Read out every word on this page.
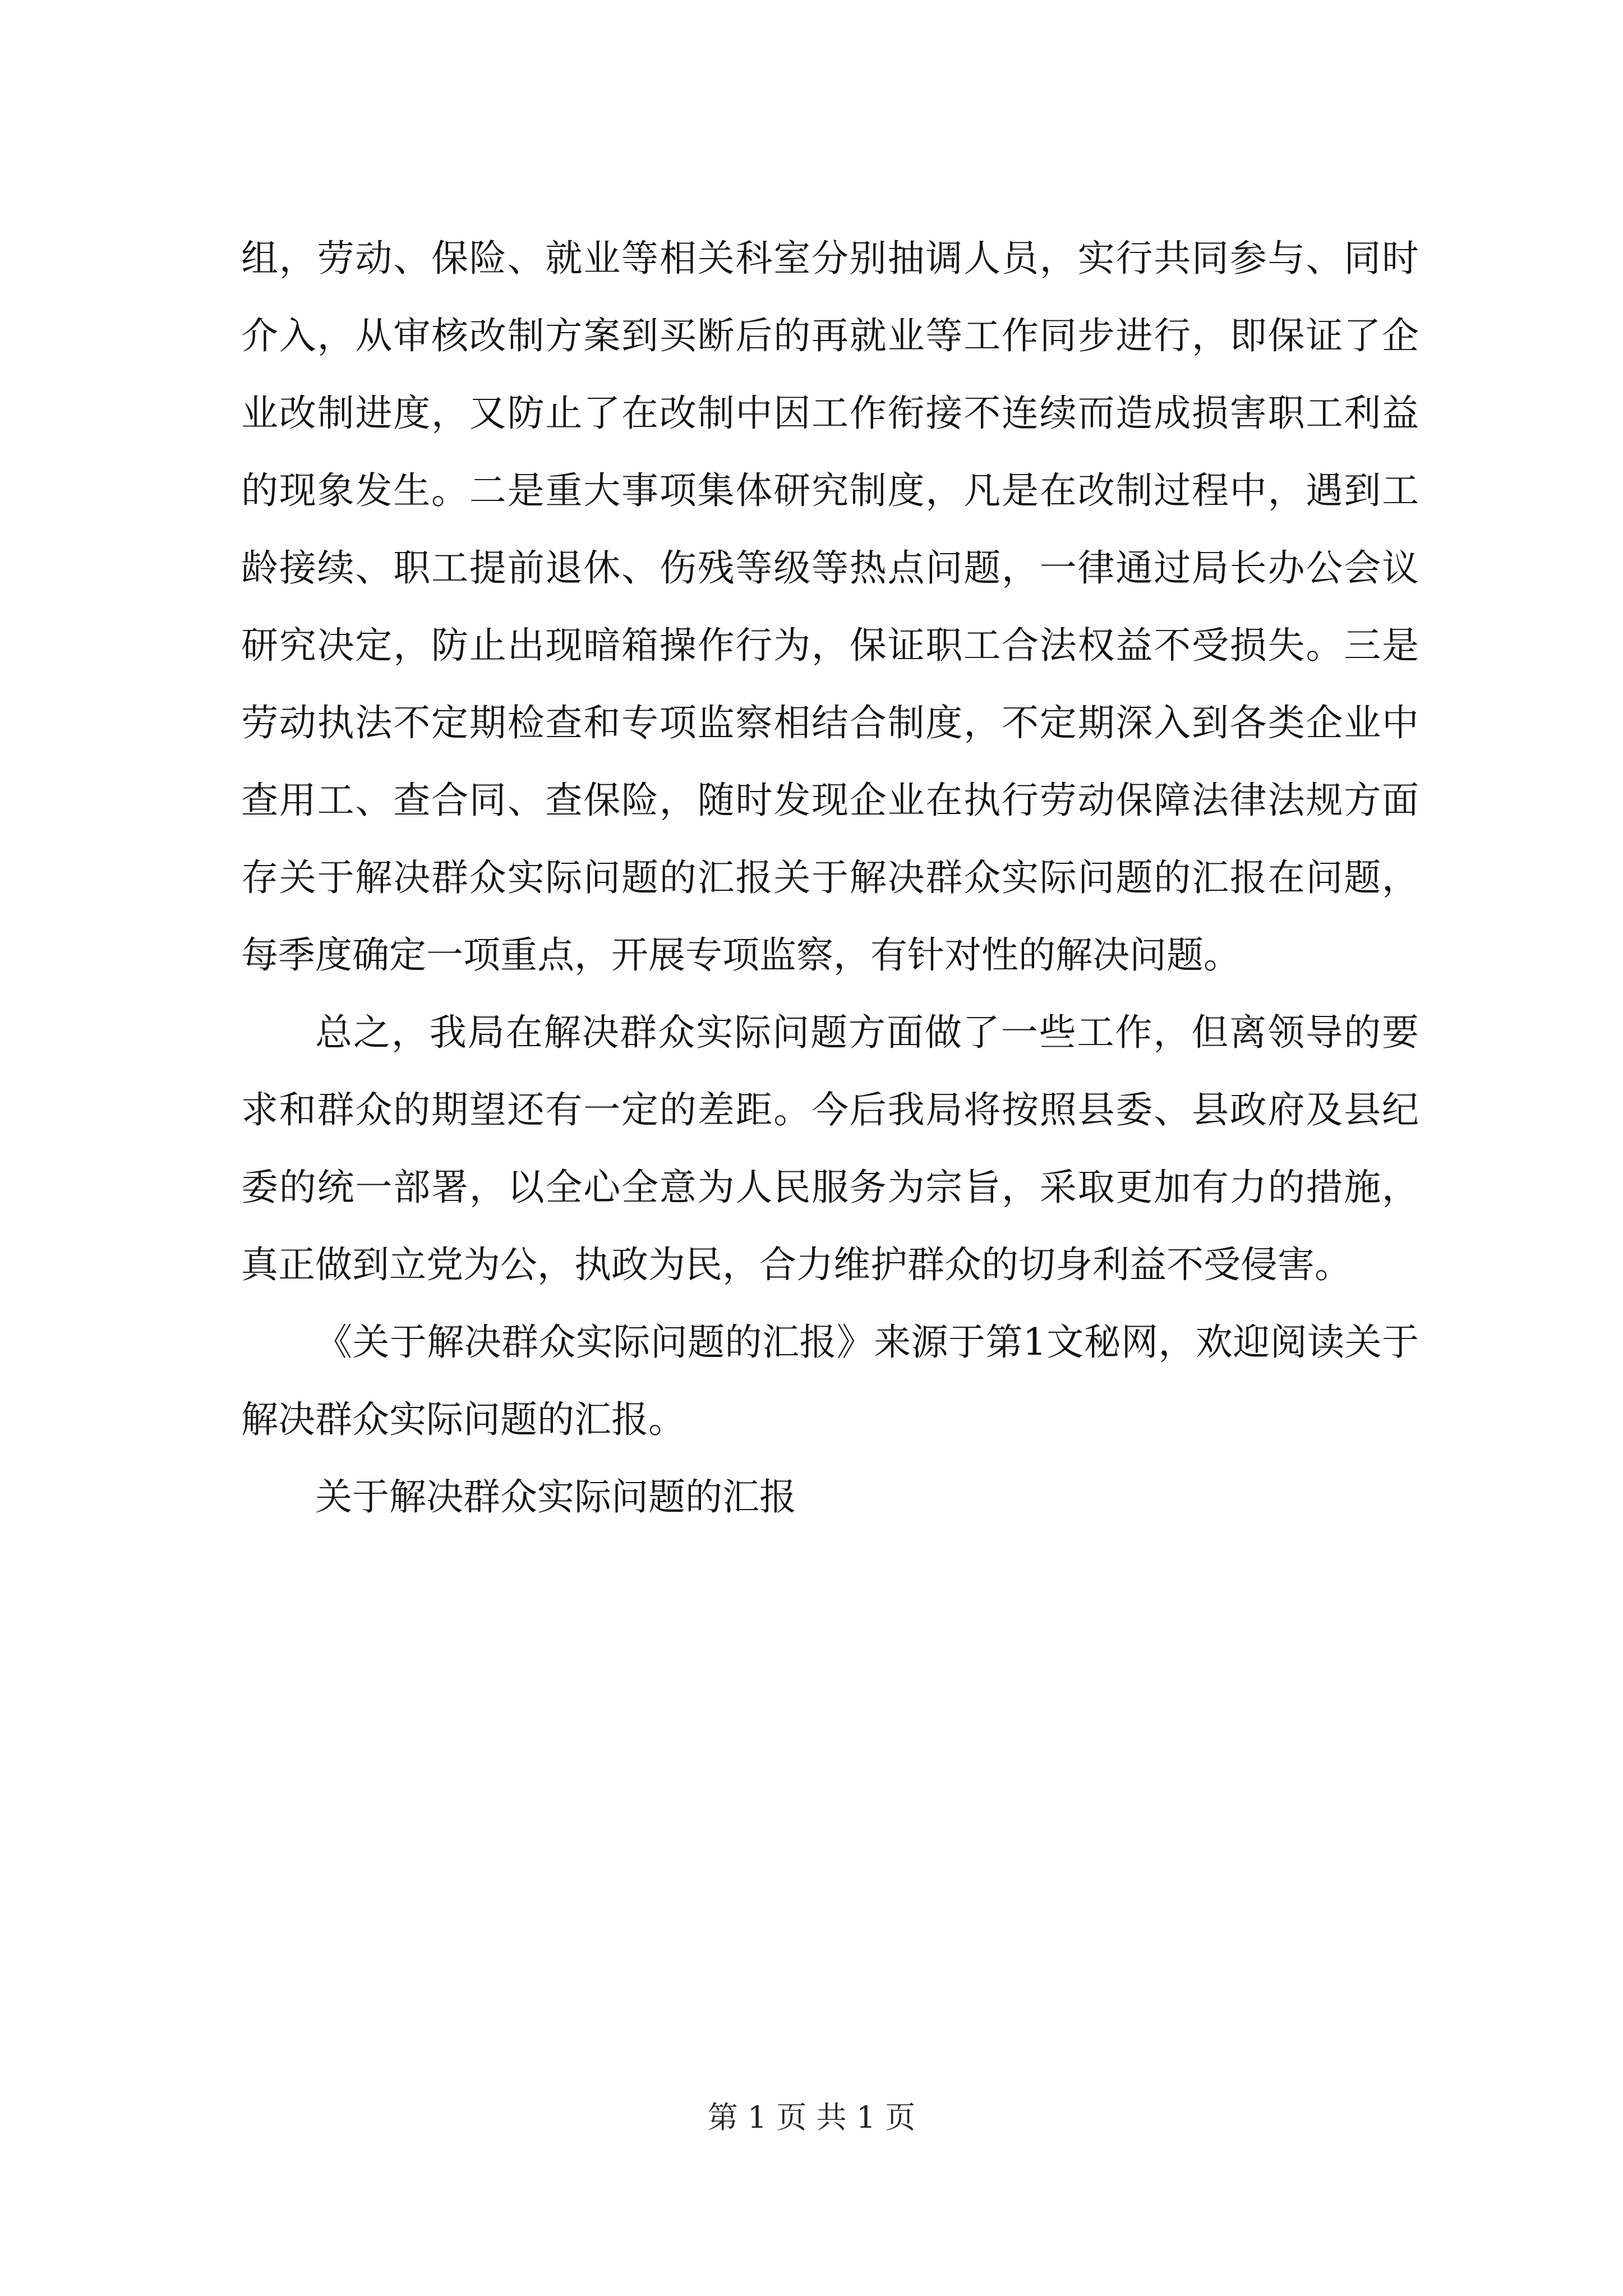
组，劳动、保险、就业等相关科室分别抽调人员，实行共同参与、同时介入，从审核改制方案到买断后的再就业等工作同步进行，即保证了企业改制进度，又防止了在改制中因工作衔接不连续而造成损害职工利益的现象发生。二是重大事项集体研究制度，凡是在改制过程中，遇到工龄接续、职工提前退休、伤残等级等热点问题，一律通过局长办公会议研究决定，防止出现暗箱操作行为，保证职工合法权益不受损失。三是劳动执法不定期检查和专项监察相结合制度，不定期深入到各类企业中查用工、查合同、查保险，随时发现企业在执行劳动保障法律法规方面存关于解决群众实际问题的汇报关于解决群众实际问题的汇报在问题，每季度确定一项重点，开展专项监察，有针对性的解决问题。

总之，我局在解决群众实际问题方面做了一些工作，但离领导的要求和群众的期望还有一定的差距。今后我局将按照县委、县政府及县纪委的统一部署，以全心全意为人民服务为宗旨，采取更加有力的措施，真正做到立党为公，执政为民，合力维护群众的切身利益不受侵害。

《关于解决群众实际问题的汇报》来源于第1文秘网，欢迎阅读关于解决群众实际问题的汇报。

关于解决群众实际问题的汇报

第 1 页 共 1 页
